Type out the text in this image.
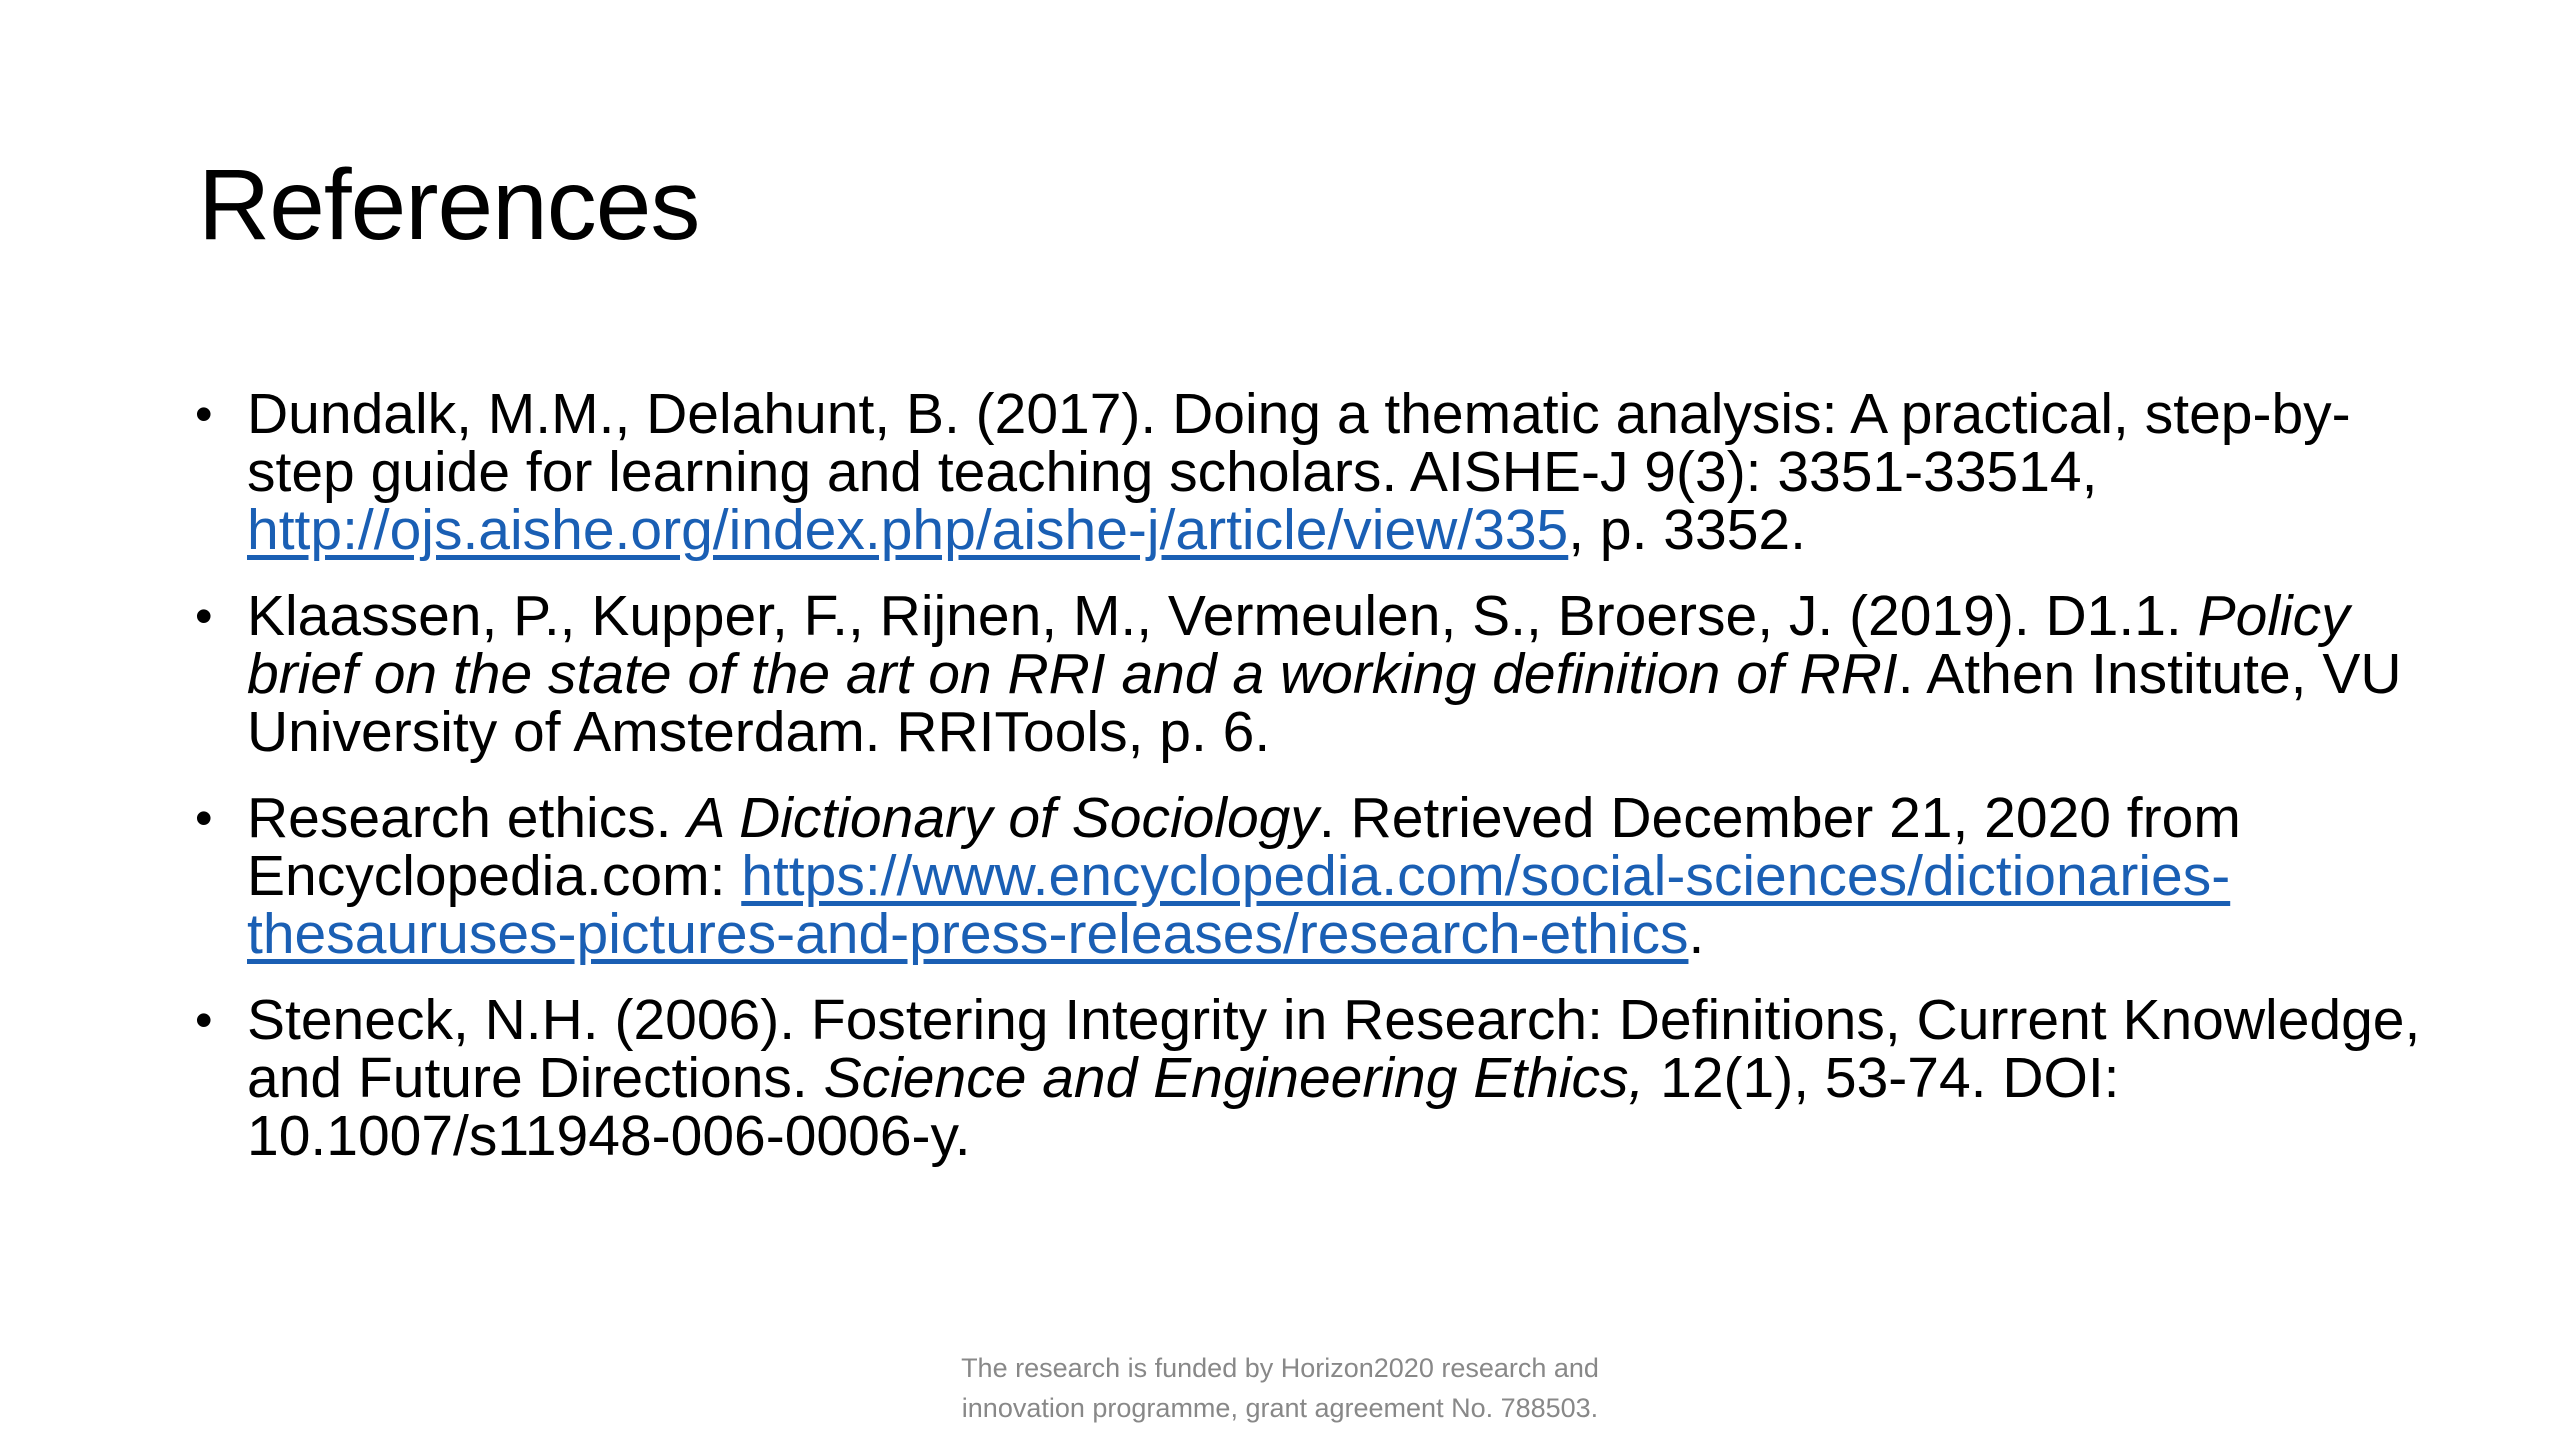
References
• Dundalk, M.M., Delahunt, B. (2017). Doing a thematic analysis: A practical, step-by-step guide for learning and teaching scholars. AISHE-J 9(3): 3351-33514, http://ojs.aishe.org/index.php/aishe-j/article/view/335, p. 3352.
• Klaassen, P., Kupper, F., Rijnen, M., Vermeulen, S., Broerse, J. (2019). D1.1. Policy brief on the state of the art on RRI and a working definition of RRI. Athen Institute, VU University of Amsterdam. RRITools, p. 6.
• Research ethics. A Dictionary of Sociology. Retrieved December 21, 2020 from Encyclopedia.com: https://www.encyclopedia.com/social-sciences/dictionaries-thesauruses-pictures-and-press-releases/research-ethics.
• Steneck, N.H. (2006). Fostering Integrity in Research: Definitions, Current Knowledge, and Future Directions. Science and Engineering Ethics, 12(1), 53-74. DOI: 10.1007/s11948-006-0006-y.
The research is funded by Horizon2020 research and
innovation programme, grant agreement No. 788503.
